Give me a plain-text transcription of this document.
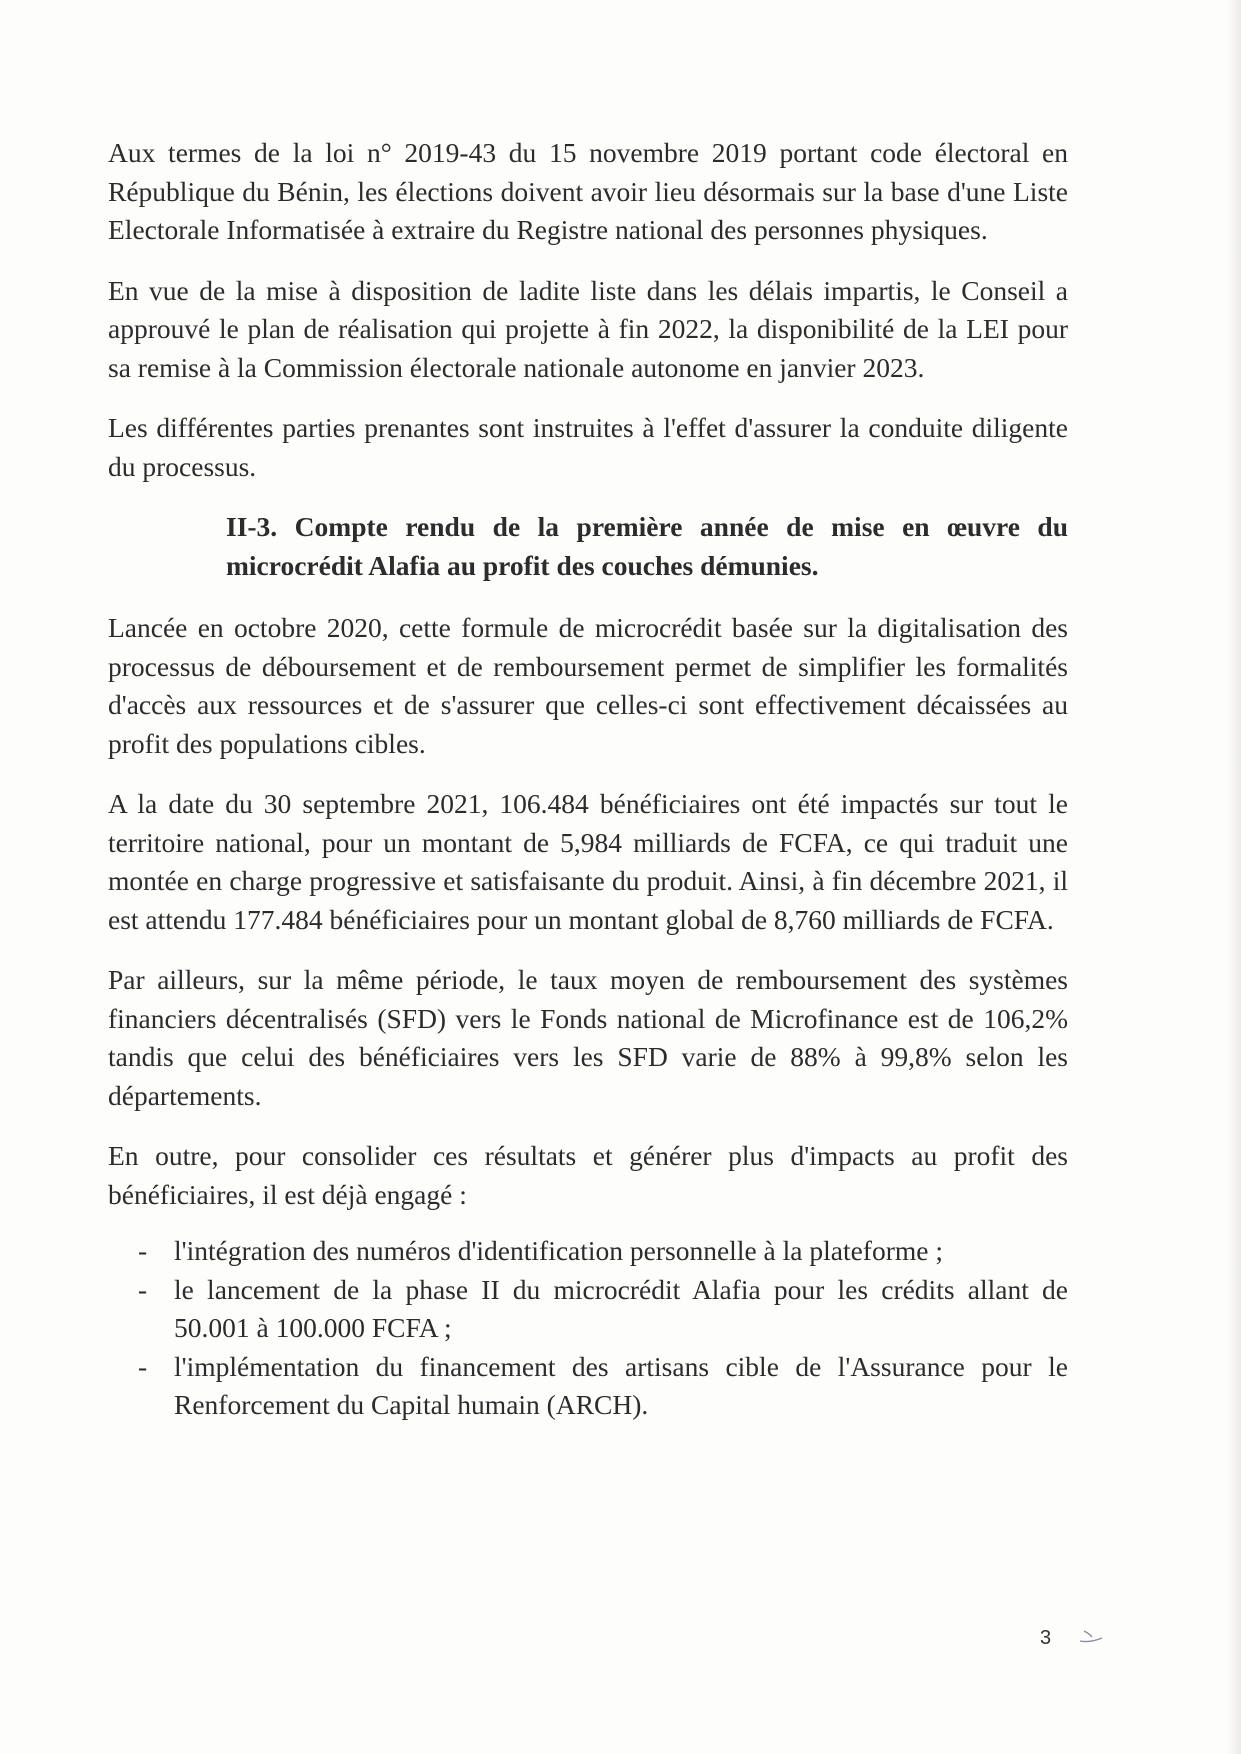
Aux termes de la loi n° 2019-43 du 15 novembre 2019 portant code électoral en République du Bénin, les élections doivent avoir lieu désormais sur la base d'une Liste Electorale Informatisée à extraire du Registre national des personnes physiques.

En vue de la mise à disposition de ladite liste dans les délais impartis, le Conseil a approuvé le plan de réalisation qui projette à fin 2022, la disponibilité de la LEI pour sa remise à la Commission électorale nationale autonome en janvier 2023.

Les différentes parties prenantes sont instruites à l'effet d'assurer la conduite diligente du processus.

II-3. Compte rendu de la première année de mise en œuvre du microcrédit Alafia au profit des couches démunies.

Lancée en octobre 2020, cette formule de microcrédit basée sur la digitalisation des processus de déboursement et de remboursement permet de simplifier les formalités d'accès aux ressources et de s'assurer que celles-ci sont effectivement décaissées au profit des populations cibles.

A la date du 30 septembre 2021, 106.484 bénéficiaires ont été impactés sur tout le territoire national, pour un montant de 5,984 milliards de FCFA, ce qui traduit une montée en charge progressive et satisfaisante du produit. Ainsi, à fin décembre 2021, il est attendu 177.484 bénéficiaires pour un montant global de 8,760 milliards de FCFA.

Par ailleurs, sur la même période, le taux moyen de remboursement des systèmes financiers décentralisés (SFD) vers le Fonds national de Microfinance est de 106,2% tandis que celui des bénéficiaires vers les SFD varie de 88% à 99,8% selon les départements.

En outre, pour consolider ces résultats et générer plus d'impacts au profit des bénéficiaires, il est déjà engagé :

- l'intégration des numéros d'identification personnelle à la plateforme ;
- le lancement de la phase II du microcrédit Alafia pour les crédits allant de 50.001 à 100.000 FCFA ;
- l'implémentation du financement des artisans cible de l'Assurance pour le Renforcement du Capital humain (ARCH).
3
